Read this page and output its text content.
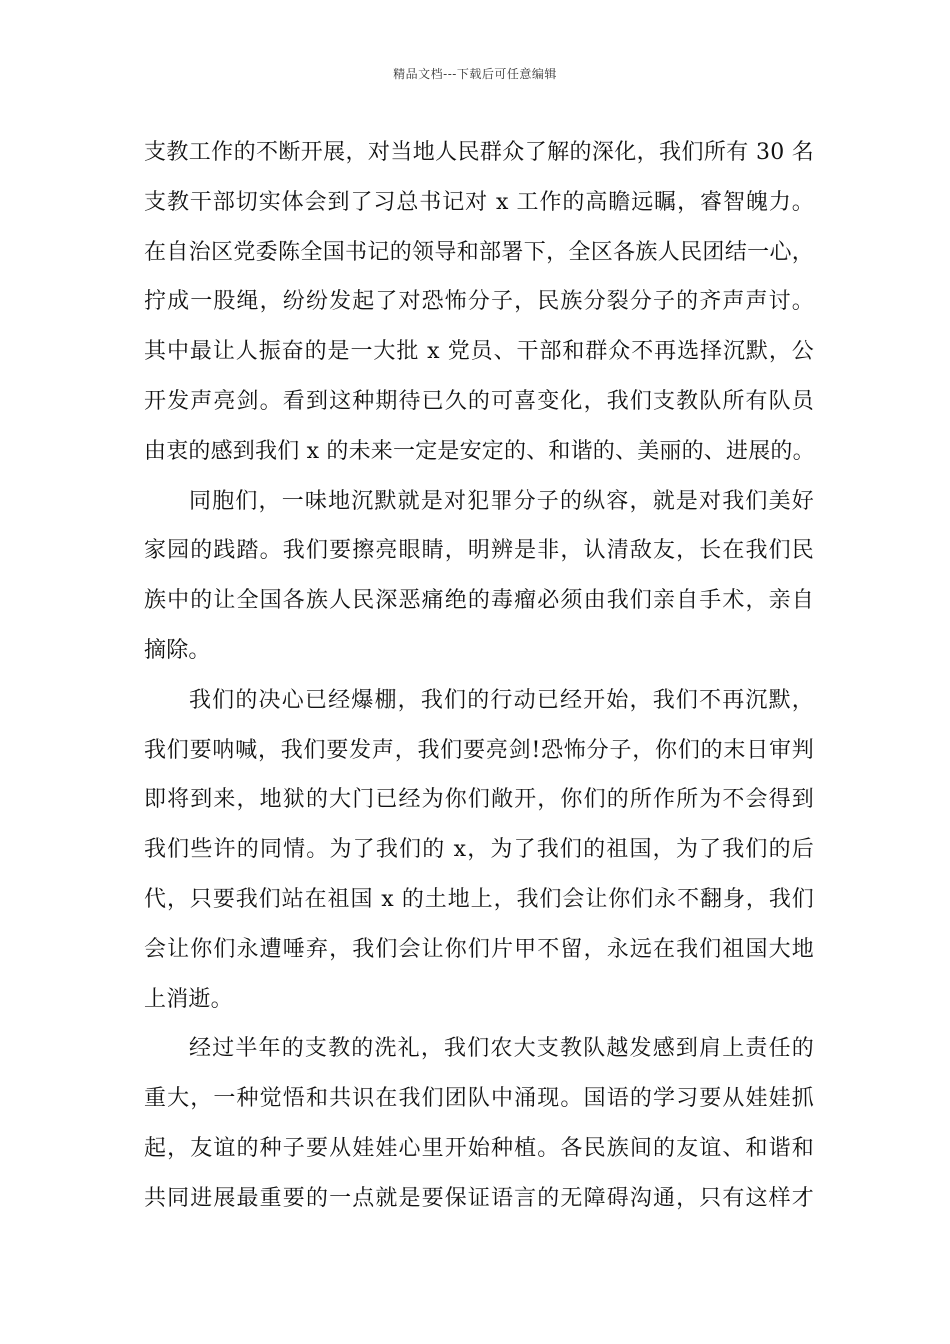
精品文档---下载后可任意编辑
支教工作的不断开展，对当地人民群众了解的深化，我们所有 30 名
支教干部切实体会到了习总书记对 x 工作的高瞻远瞩，睿智魄力。
在自治区党委陈全国书记的领导和部署下，全区各族人民团结一心，
拧成一股绳，纷纷发起了对恐怖分子，民族分裂分子的齐声声讨。
其中最让人振奋的是一大批 x 党员、干部和群众不再选择沉默，公
开发声亮剑。看到这种期待已久的可喜变化，我们支教队所有队员
由衷的感到我们 x 的未来一定是安定的、和谐的、美丽的、进展的。
同胞们，一味地沉默就是对犯罪分子的纵容，就是对我们美好
家园的践踏。我们要擦亮眼睛，明辨是非，认清敌友，长在我们民
族中的让全国各族人民深恶痛绝的毒瘤必须由我们亲自手术，亲自
摘除。
我们的决心已经爆棚，我们的行动已经开始，我们不再沉默，
我们要呐喊，我们要发声，我们要亮剑!恐怖分子，你们的末日审判
即将到来，地狱的大门已经为你们敞开，你们的所作所为不会得到
我们些许的同情。为了我们的 x，为了我们的祖国，为了我们的后
代，只要我们站在祖国 x 的土地上，我们会让你们永不翻身，我们
会让你们永遭唾弃，我们会让你们片甲不留，永远在我们祖国大地
上消逝。
经过半年的支教的洗礼，我们农大支教队越发感到肩上责任的
重大，一种觉悟和共识在我们团队中涌现。国语的学习要从娃娃抓
起，友谊的种子要从娃娃心里开始种植。各民族间的友谊、和谐和
共同进展最重要的一点就是要保证语言的无障碍沟通，只有这样才
